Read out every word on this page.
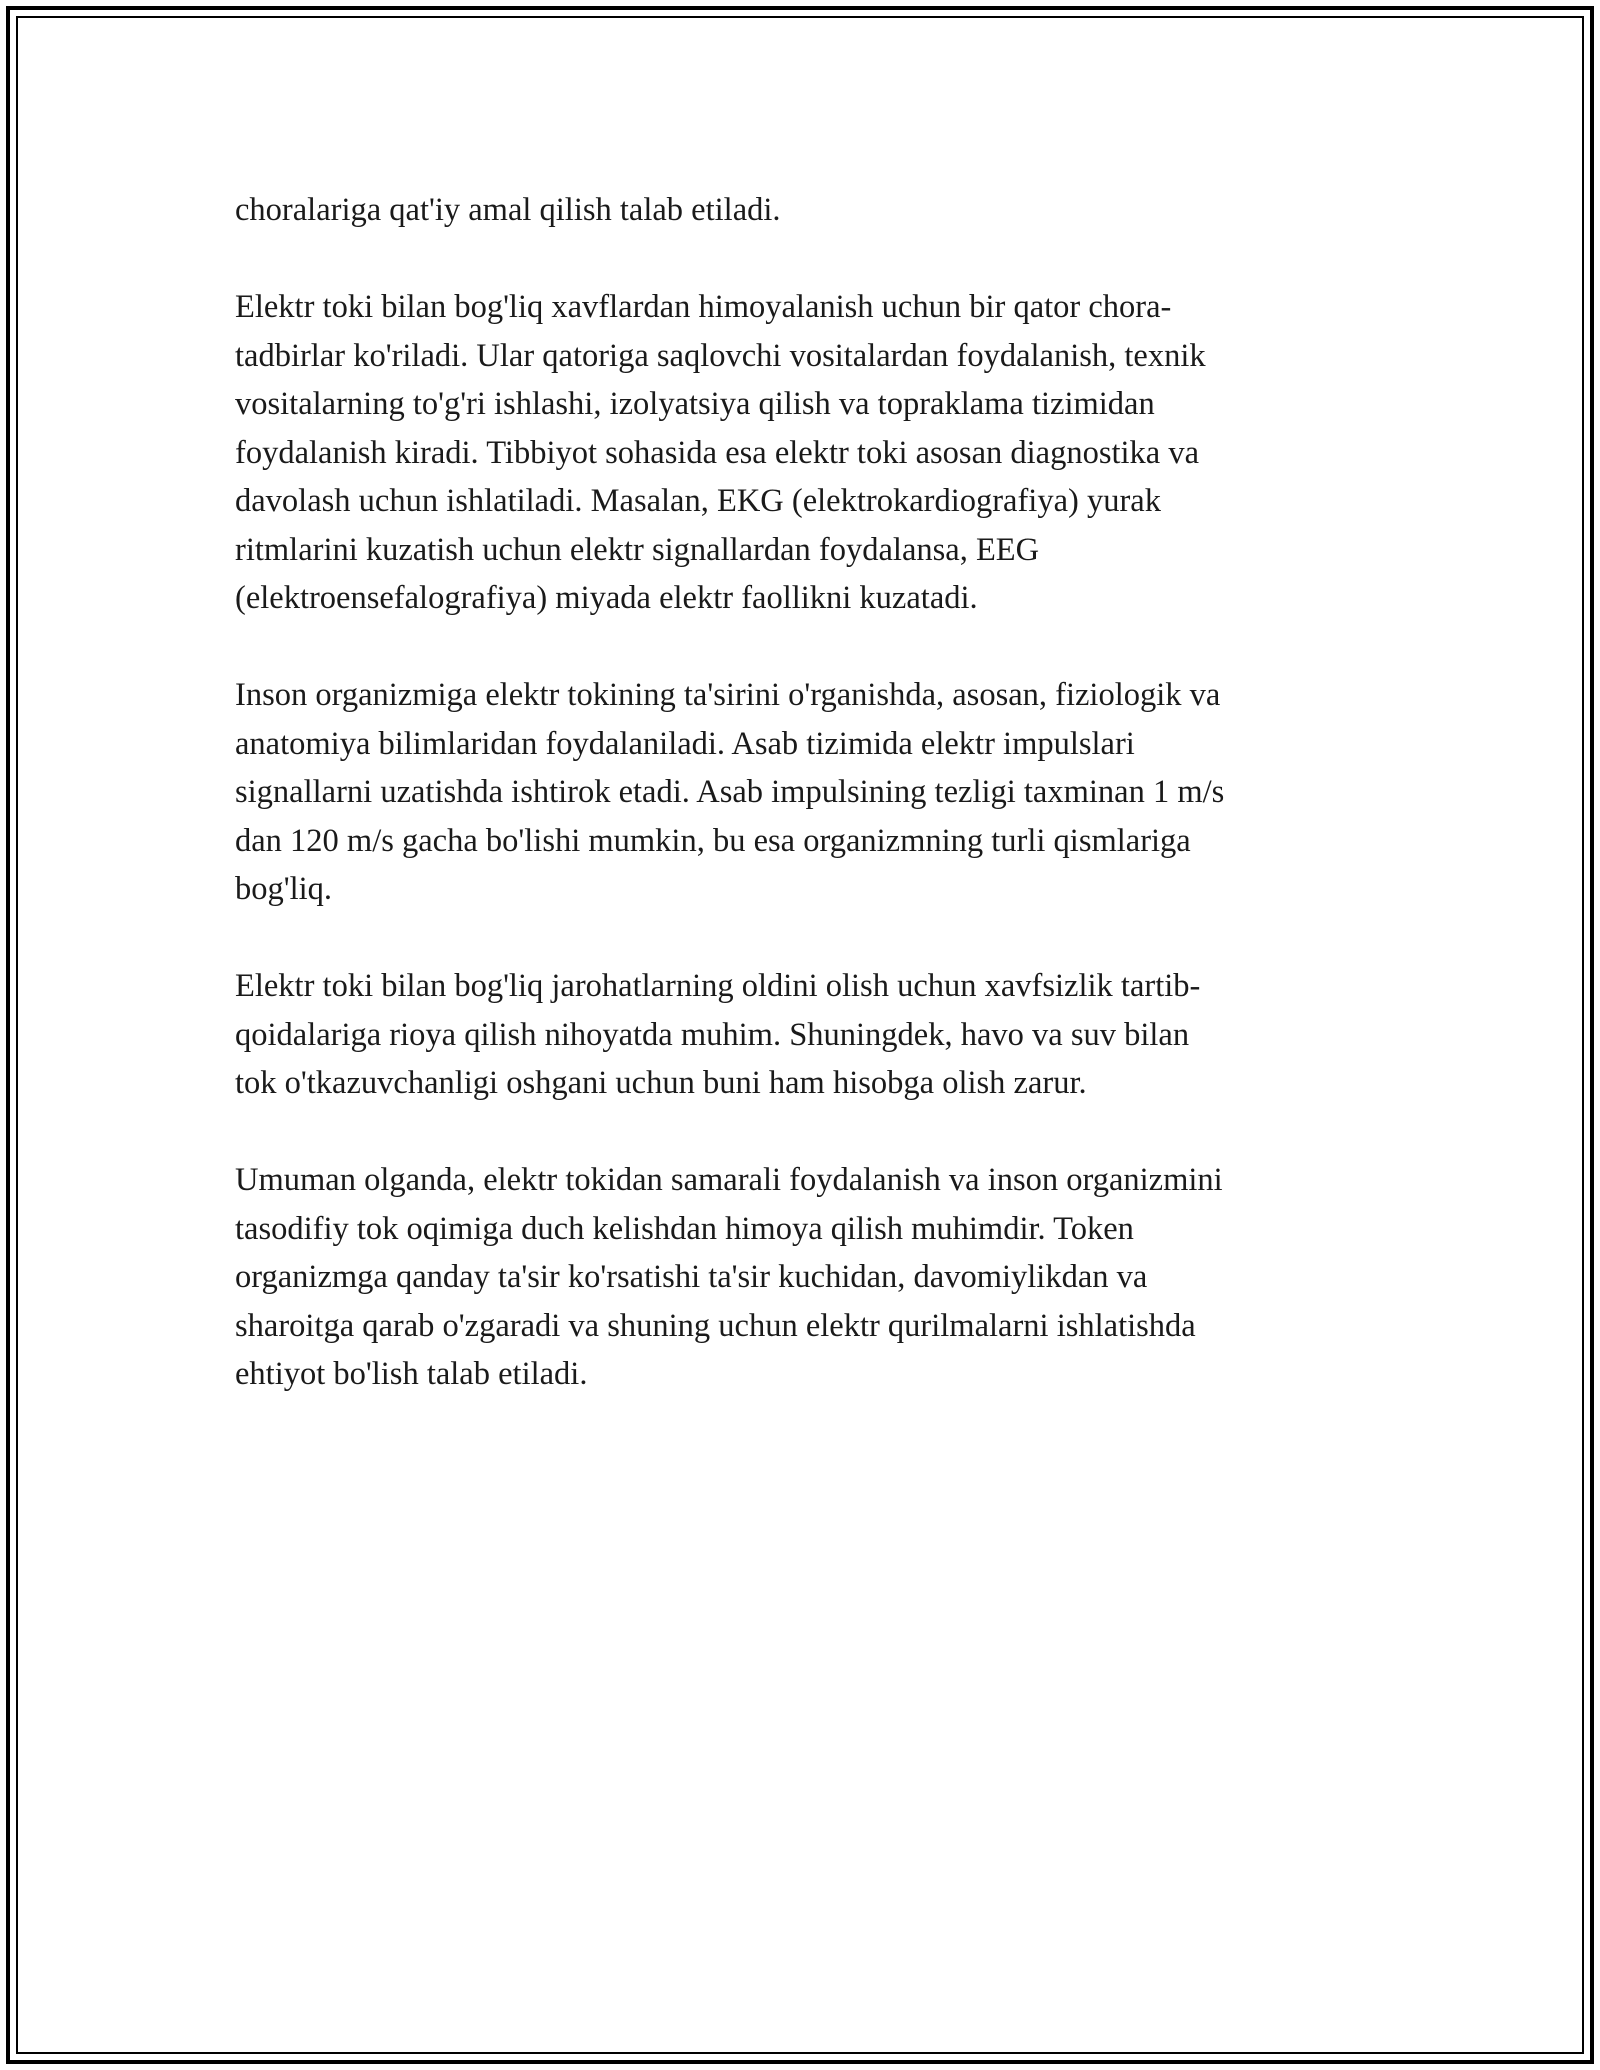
choralariga qat'iy amal qilish talab etiladi.

Elektr toki bilan bog'liq xavflardan himoyalanish uchun bir qator chora-
tadbirlar ko'riladi. Ular qatoriga saqlovchi vositalardan foydalanish, texnik
vositalarning to'g'ri ishlashi, izolyatsiya qilish va topraklama tizimidan
foydalanish kiradi. Tibbiyot sohasida esa elektr toki asosan diagnostika va
davolash uchun ishlatiladi. Masalan, EKG (elektrokardiografiya) yurak
ritmlarini kuzatish uchun elektr signallardan foydalansa, EEG
(elektroensefalografiya) miyada elektr faollikni kuzatadi.

Inson organizmiga elektr tokining ta'sirini o'rganishda, asosan, fiziologik va
anatomiya bilimlaridan foydalaniladi. Asab tizimida elektr impulslari
signallarni uzatishda ishtirok etadi. Asab impulsining tezligi taxminan 1 m/s
dan 120 m/s gacha bo'lishi mumkin, bu esa organizmning turli qismlariga
bog'liq.

Elektr toki bilan bog'liq jarohatlarning oldini olish uchun xavfsizlik tartib-
qoidalariga rioya qilish nihoyatda muhim. Shuningdek, havo va suv bilan
tok o'tkazuvchanligi oshgani uchun buni ham hisobga olish zarur.

Umuman olganda, elektr tokidan samarali foydalanish va inson organizmini
tasodifiy tok oqimiga duch kelishdan himoya qilish muhimdir. Token
organizmga qanday ta'sir ko'rsatishi ta'sir kuchidan, davomiylikdan va
sharoitga qarab o'zgaradi va shuning uchun elektr qurilmalarni ishlatishda
ehtiyot bo'lish talab etiladi.
